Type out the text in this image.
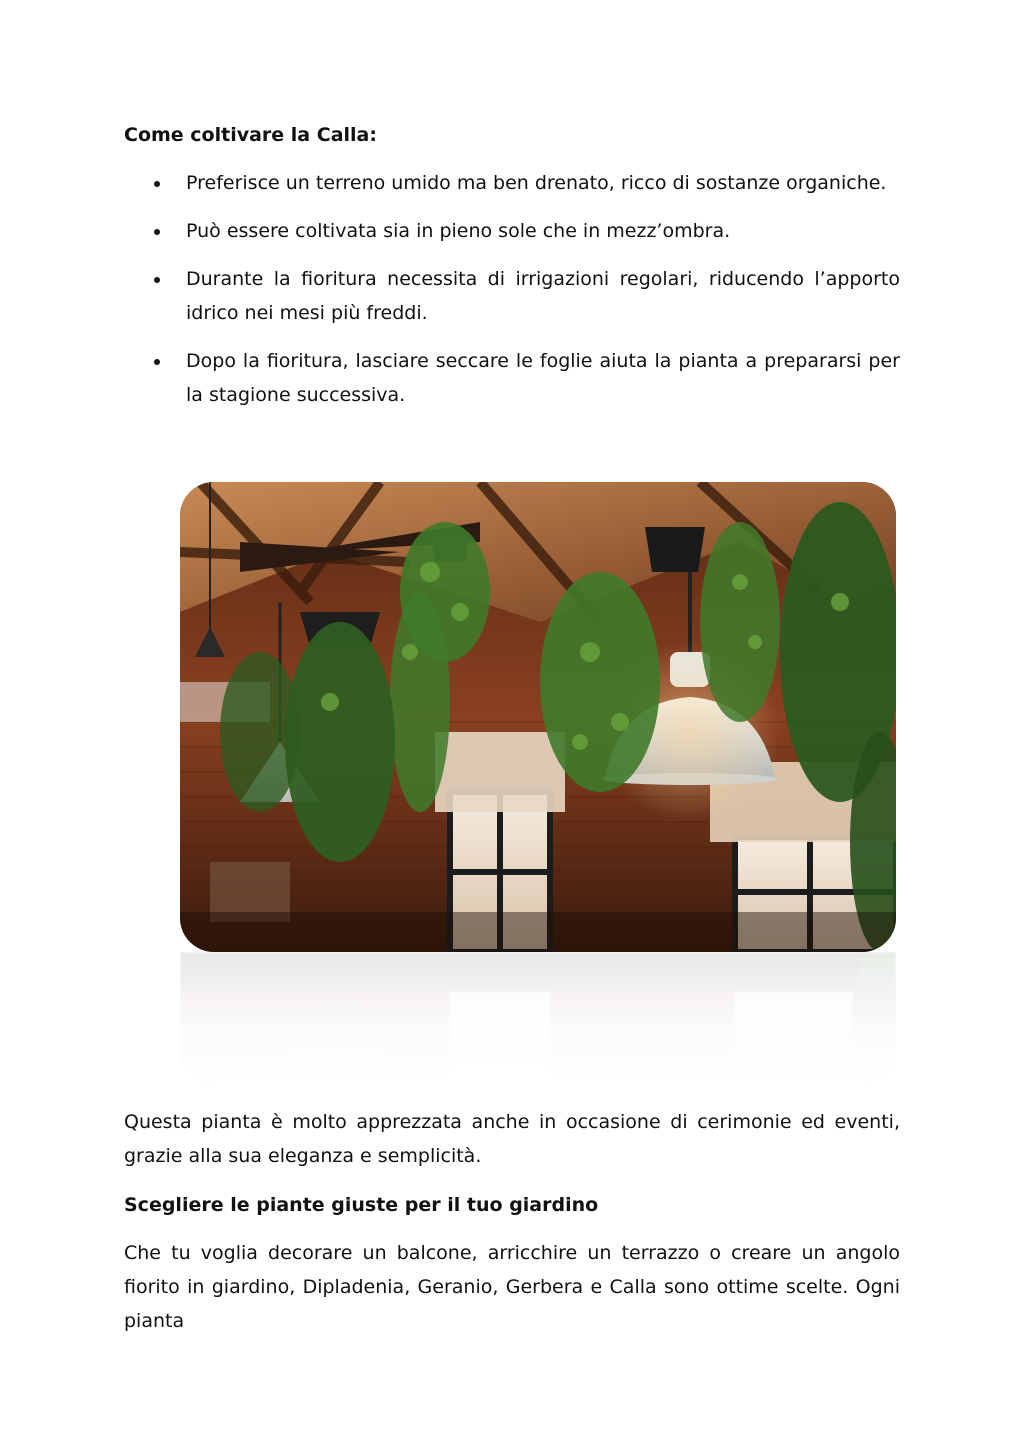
Come coltivare la Calla:
Preferisce un terreno umido ma ben drenato, ricco di sostanze organiche.
Può essere coltivata sia in pieno sole che in mezz’ombra.
Durante la fioritura necessita di irrigazioni regolari, riducendo l’apporto idrico nei mesi più freddi.
Dopo la fioritura, lasciare seccare le foglie aiuta la pianta a prepararsi per la stagione successiva.

Questa pianta è molto apprezzata anche in occasione di cerimonie ed eventi, grazie alla sua eleganza e semplicità.

Scegliere le piante giuste per il tuo giardino

Che tu voglia decorare un balcone, arricchire un terrazzo o creare un angolo fiorito in giardino, Dipladenia, Geranio, Gerbera e Calla sono ottime scelte. Ogni pianta
